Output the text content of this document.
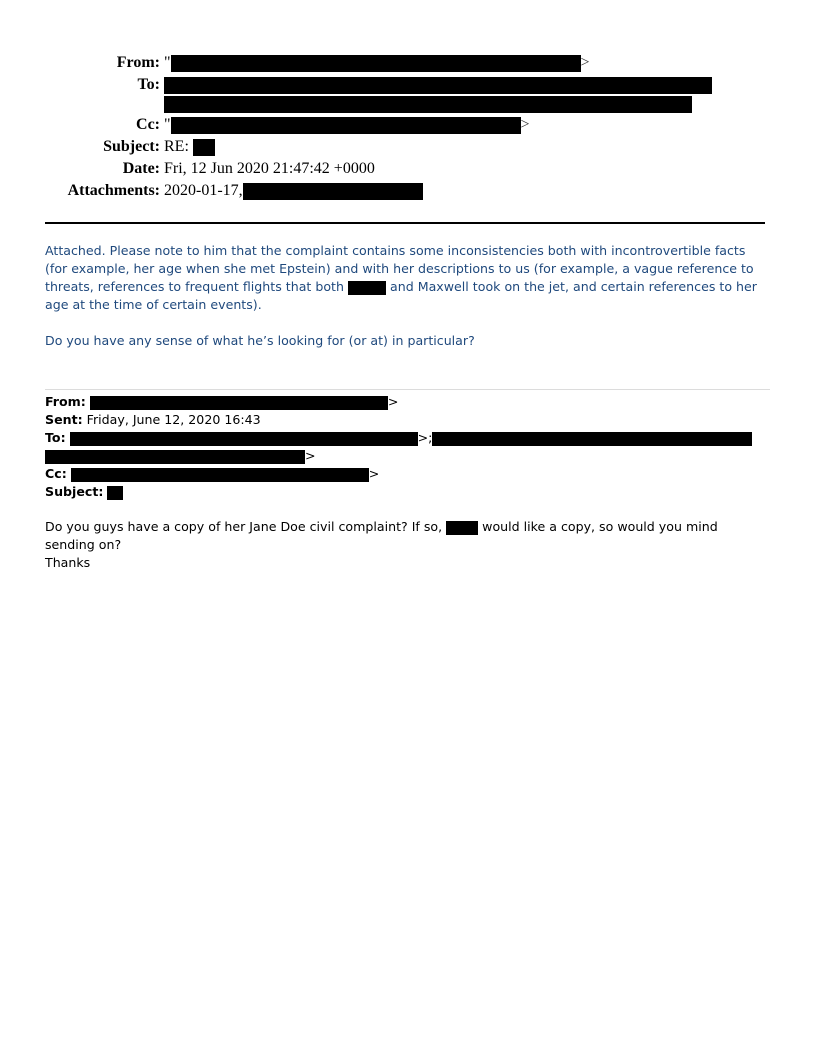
From: "	>
To:
Cc: "	>
Subject: RE:
Date: Fri, 12 Jun 2020 21:47:42 +0000
Attachments: 2020-01-17,

Attached. Please note to him that the complaint contains some inconsistencies both with incontrovertible facts (for example, her age when she met Epstein) and with her descriptions to us (for example, a vague reference to threats, references to frequent flights that both	and Maxwell took on the jet, and certain references to her age at the time of certain events).

Do you have any sense of what he’s looking for (or at) in particular?

From:	>
Sent: Friday, June 12, 2020 16:43
To:	>;
>
Cc:	>
Subject:
Do you guys have a copy of her Jane Doe civil complaint? If so,	would like a copy, so would you mind sending on?
Thanks
